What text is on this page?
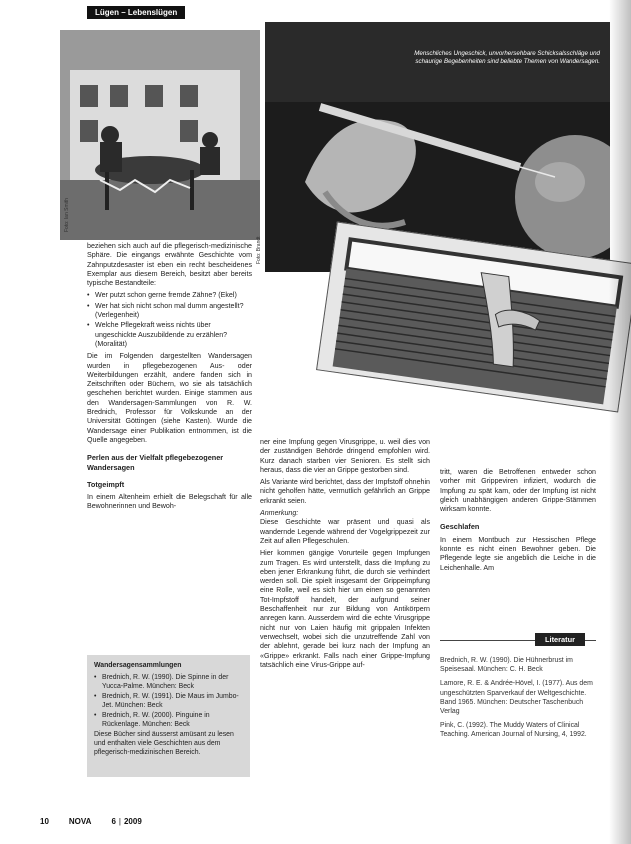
Lügen – Lebenslügen
Menschliches Ungeschick, unvorhersehbare Schicksalsschläge und schaurige Begebenheiten sind beliebte Themen von Wandersagen.
Foto: Ian Smith
Foto: Brandt

beziehen sich auch auf die pflegerisch-medizinische Sphäre. Die eingangs erwähnte Geschichte vom Zahnputzdesaster ist eben ein recht bescheidenes Exemplar aus diesem Bereich, besitzt aber bereits typische Bestandteile:

• Wer putzt schon gerne fremde Zähne? (Ekel)
• Wer hat sich nicht schon mal dumm angestellt? (Verlegenheit)
• Welche Pflegekraft weiss nichts über ungeschickte Auszubildende zu erzählen? (Moralität)

Die im Folgenden dargestellten Wandersagen wurden in pflegebezogenen Aus- oder Weiterbildungen erzählt, andere fanden sich in Zeitschriften oder Büchern, wo sie als tatsächlich geschehen berichtet wurden. Einige stammen aus den Wandersagen-Sammlungen von R. W. Brednich, Professor für Volkskunde an der Universität Göttingen (siehe Kasten). Wurde die Wandersage einer Publikation entnommen, ist die Quelle angegeben.

Perlen aus der Vielfalt pflegebezogener Wandersagen
Totgeimpft

In einem Altenheim erhielt die Belegschaft für alle Bewohnerinnen und Bewoh-

Wandersagensammlungen
• Brednich, R. W. (1990). Die Spinne in der Yucca-Palme. München: Beck
• Brednich, R. W. (1991). Die Maus im Jumbo-Jet. München: Beck
• Brednich, R. W. (2000). Pinguine in Rückenlage. München: Beck
Diese Bücher sind äusserst amüsant zu lesen und enthalten viele Geschichten aus dem pflegerisch-medizinischen Bereich.

ner eine Impfung gegen Virusgrippe, u. weil dies von der zuständigen Behörde dringend empfohlen wird. Kurz danach starben vier Senioren. Es stellt sich heraus, dass die vier an Grippe gestorben sind.

Als Variante wird berichtet, dass der Impfstoff ohnehin nicht geholfen hätte, vermutlich gefährlich an Grippe erkrankt seien.

Anmerkung:

Diese Geschichte war präsent und quasi als wandernde Legende während der Vogelgrippezeit zur Zeit auf allen Pflegeschulen.

Hier kommen gängige Vorurteile gegen Impfungen zum Tragen. Es wird unterstellt, dass die Impfung zu eben jener Erkrankung führt, die durch sie verhindert werden soll. Die spielt insgesamt der Grippeimpfung eine Rolle, weil es sich hier um einen so genannten Tot-Impfstoff handelt, der aufgrund seiner Beschaffenheit nur zur Bildung von Antikörpern anregen kann. Ausserdem wird die echte Virusgrippe nicht nur von Laien häufig mit grippalen Infekten verwechselt, wobei sich die unzutreffende Zahl von der ablehnt, gerade bei kurz nach der Impfung an «Grippe» erkrankt. Falls nach einer Grippe-Impfung tatsächlich eine Virus-Grippe auf-

tritt, waren die Betroffenen entweder schon vorher mit Grippeviren infiziert, wodurch die Impfung zu spät kam, oder der Impfung ist nicht gleich unabhängigen anderen Grippe-Stämmen wirksam konnte.

Geschlafen

In einem Montbuch zur Hessischen Pflege konnte es nicht einen Bewohner geben. Die Pflegende legte sie angeblich die Leiche in die Leichenhalle. Am

Literatur

Brednich, R. W. (1990). Die Hühnerbrust im Speisesaal. München: C. H. Beck

Lamore, R. E. & Andrée-Hövel, I. (1977). Aus dem ungeschützten Sparverkauf der Weltgeschichte. Band 1965. München: Deutscher Taschenbuch Verlag

Pink, C. (1992). The Muddy Waters of Clinical Teaching. American Journal of Nursing, 4, 1992.

10	NOVA	6 | 2009
